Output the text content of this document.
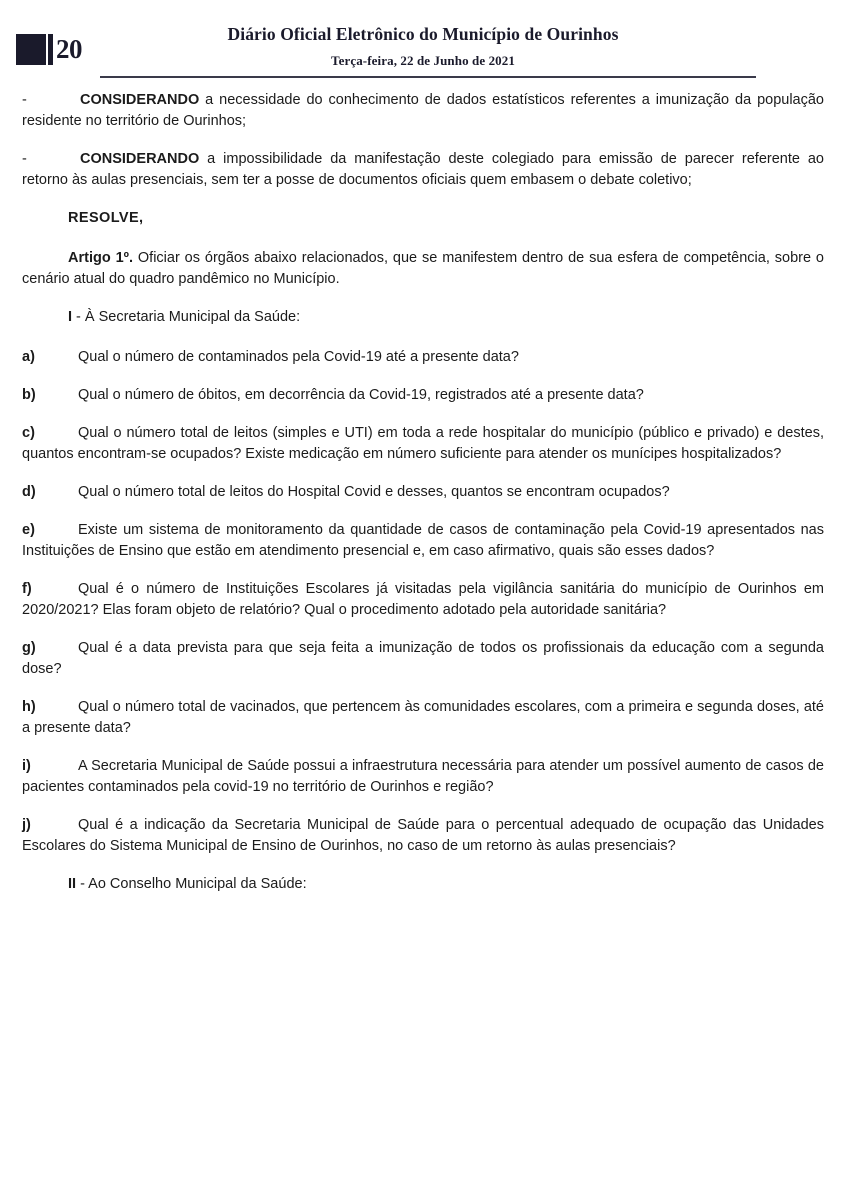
20	Diário Oficial Eletrônico do Município de Ourinhos
Terça-feira, 22 de Junho de 2021

-	CONSIDERANDO a necessidade do conhecimento de dados estatísticos referentes a imunização da população residente no território de Ourinhos;

-	CONSIDERANDO a impossibilidade da manifestação deste colegiado para emissão de parecer referente ao retorno às aulas presenciais, sem ter a posse de documentos oficiais quem embasem o debate coletivo;

RESOLVE,

Artigo 1º. Oficiar os órgãos abaixo relacionados, que se manifestem dentro de sua esfera de competência, sobre o cenário atual do quadro pandêmico no Município.

I - À Secretaria Municipal da Saúde:

a)	Qual o número de contaminados pela Covid-19 até a presente data?

b)	Qual o número de óbitos, em decorrência da Covid-19, registrados até a presente data?

c)	Qual o número total de leitos (simples e UTI) em toda a rede hospitalar do município (público e privado) e destes, quantos encontram-se ocupados? Existe medicação em número suficiente para atender os munícipes hospitalizados?

d)	Qual o número total de leitos do Hospital Covid e desses, quantos se encontram ocupados?

e)	Existe um sistema de monitoramento da quantidade de casos de contaminação pela Covid-19 apresentados nas Instituições de Ensino que estão em atendimento presencial e, em caso afirmativo, quais são esses dados?

f)	Qual é o número de Instituições Escolares já visitadas pela vigilância sanitária do município de Ourinhos em 2020/2021? Elas foram objeto de relatório? Qual o procedimento adotado pela autoridade sanitária?

g)	Qual é a data prevista para que seja feita a imunização de todos os profissionais da educação com a segunda dose?

h)	Qual o número total de vacinados, que pertencem às comunidades escolares, com a primeira e segunda doses, até a presente data?

i)	A Secretaria Municipal de Saúde possui a infraestrutura necessária para atender um possível aumento de casos de pacientes contaminados pela covid-19 no território de Ourinhos e região?

j)	Qual é a indicação da Secretaria Municipal de Saúde para o percentual adequado de ocupação das Unidades Escolares do Sistema Municipal de Ensino de Ourinhos, no caso de um retorno às aulas presenciais?

II - Ao Conselho Municipal da Saúde:
